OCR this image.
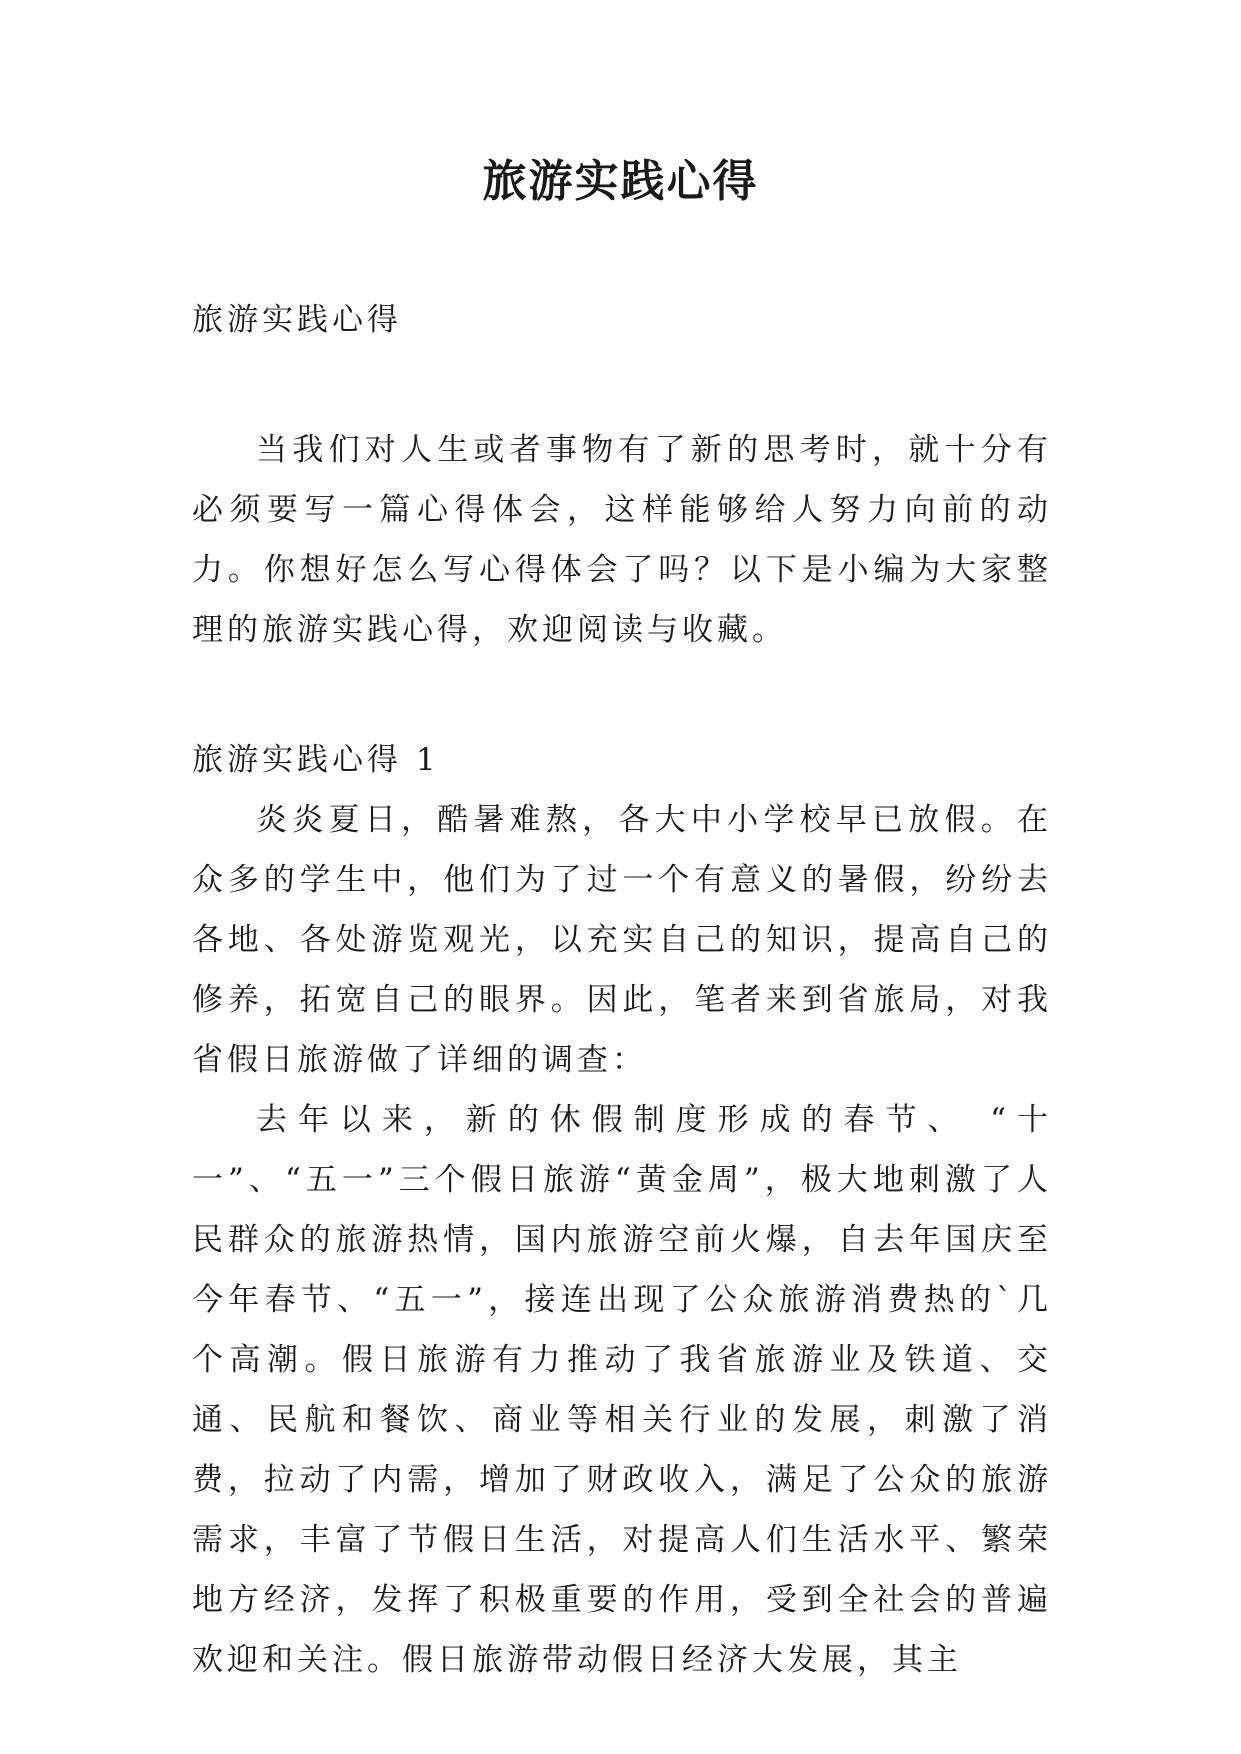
旅游实践心得

旅游实践心得

当我们对人生或者事物有了新的思考时，就十分有必须要写一篇心得体会，这样能够给人努力向前的动力。你想好怎么写心得体会了吗？以下是小编为大家整理的旅游实践心得，欢迎阅读与收藏。

旅游实践心得 1

炎炎夏日，酷暑难熬，各大中小学校早已放假。在众多的学生中，他们为了过一个有意义的暑假，纷纷去各地、各处游览观光，以充实自己的知识，提高自己的修养，拓宽自己的眼界。因此，笔者来到省旅局，对我省假日旅游做了详细的调查：

去年以来，新的休假制度形成的春节、 “十一”、“五一”三个假日旅游“黄金周”，极大地刺激了人民群众的旅游热情，国内旅游空前火爆，自去年国庆至今年春节、“五一”，接连出现了公众旅游消费热的`几个高潮。假日旅游有力推动了我省旅游业及铁道、交通、民航和餐饮、商业等相关行业的发展，刺激了消费，拉动了内需，增加了财政收入，满足了公众的旅游需求，丰富了节假日生活，对提高人们生活水平、繁荣地方经济，发挥了积极重要的作用，受到全社会的普遍欢迎和关注。假日旅游带动假日经济大发展，其主
